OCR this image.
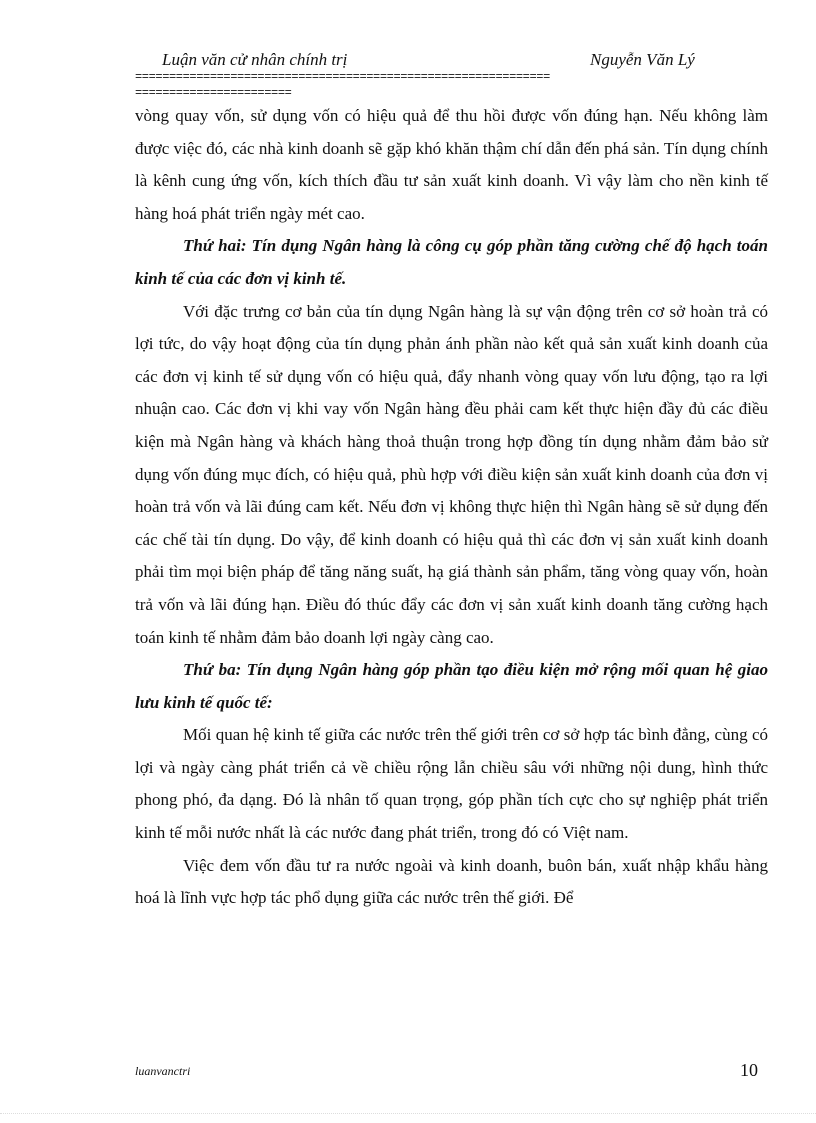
Luận văn cử nhân chính trị	Nguyễn Văn Lý
=============================================================
=======================

vòng quay vốn, sử dụng vốn có hiệu quả để thu hồi được vốn đúng hạn. Nếu không làm được việc đó, các nhà kinh doanh sẽ gặp khó khăn thậm chí dẫn đến phá sản. Tín dụng chính là kênh cung ứng vốn, kích thích đầu tư sản xuất kinh doanh. Vì vậy làm cho nền kinh tế hàng hoá phát triển ngày mét cao.

Thứ hai: Tín dụng Ngân hàng là công cụ góp phần tăng cường chế độ hạch toán kinh tế của các đơn vị kinh tế.

Với đặc trưng cơ bản của tín dụng Ngân hàng là sự vận động trên cơ sở hoàn trả có lợi tức, do vậy hoạt động của tín dụng phản ánh phần nào kết quả sản xuất kinh doanh của các đơn vị kinh tế sử dụng vốn có hiệu quả, đẩy nhanh vòng quay vốn lưu động, tạo ra lợi nhuận cao. Các đơn vị khi vay vốn Ngân hàng đều phải cam kết thực hiện đầy đủ các điều kiện mà Ngân hàng và khách hàng thoả thuận trong hợp đồng tín dụng nhằm đảm bảo sử dụng vốn đúng mục đích, có hiệu quả, phù hợp với điều kiện sản xuất kinh doanh của đơn vị hoàn trả vốn và lãi đúng cam kết. Nếu đơn vị không thực hiện thì Ngân hàng sẽ sử dụng đến các chế tài tín dụng. Do vậy, để kinh doanh có hiệu quả thì các đơn vị sản xuất kinh doanh phải tìm mọi biện pháp để tăng năng suất, hạ giá thành sản phẩm, tăng vòng quay vốn, hoàn trả vốn và lãi đúng hạn. Điều đó thúc đẩy các đơn vị sản xuất kinh doanh tăng cường hạch toán kinh tế nhằm đảm bảo doanh lợi ngày càng cao.

Thứ ba: Tín dụng Ngân hàng góp phần tạo điều kiện mở rộng mối quan hệ giao lưu kinh tế quốc tế:

Mối quan hệ kinh tế giữa các nước trên thế giới trên cơ sở hợp tác bình đẳng, cùng có lợi và ngày càng phát triển cả về chiều rộng lẫn chiều sâu với những nội dung, hình thức phong phó, đa dạng. Đó là nhân tố quan trọng, góp phần tích cực cho sự nghiệp phát triển kinh tế mỗi nước nhất là các nước đang phát triển, trong đó có Việt nam.

Việc đem vốn đầu tư ra nước ngoài và kinh doanh, buôn bán, xuất nhập khẩu hàng hoá là lĩnh vực hợp tác phổ dụng giữa các nước trên thế giới. Để

luanvanctri	10
